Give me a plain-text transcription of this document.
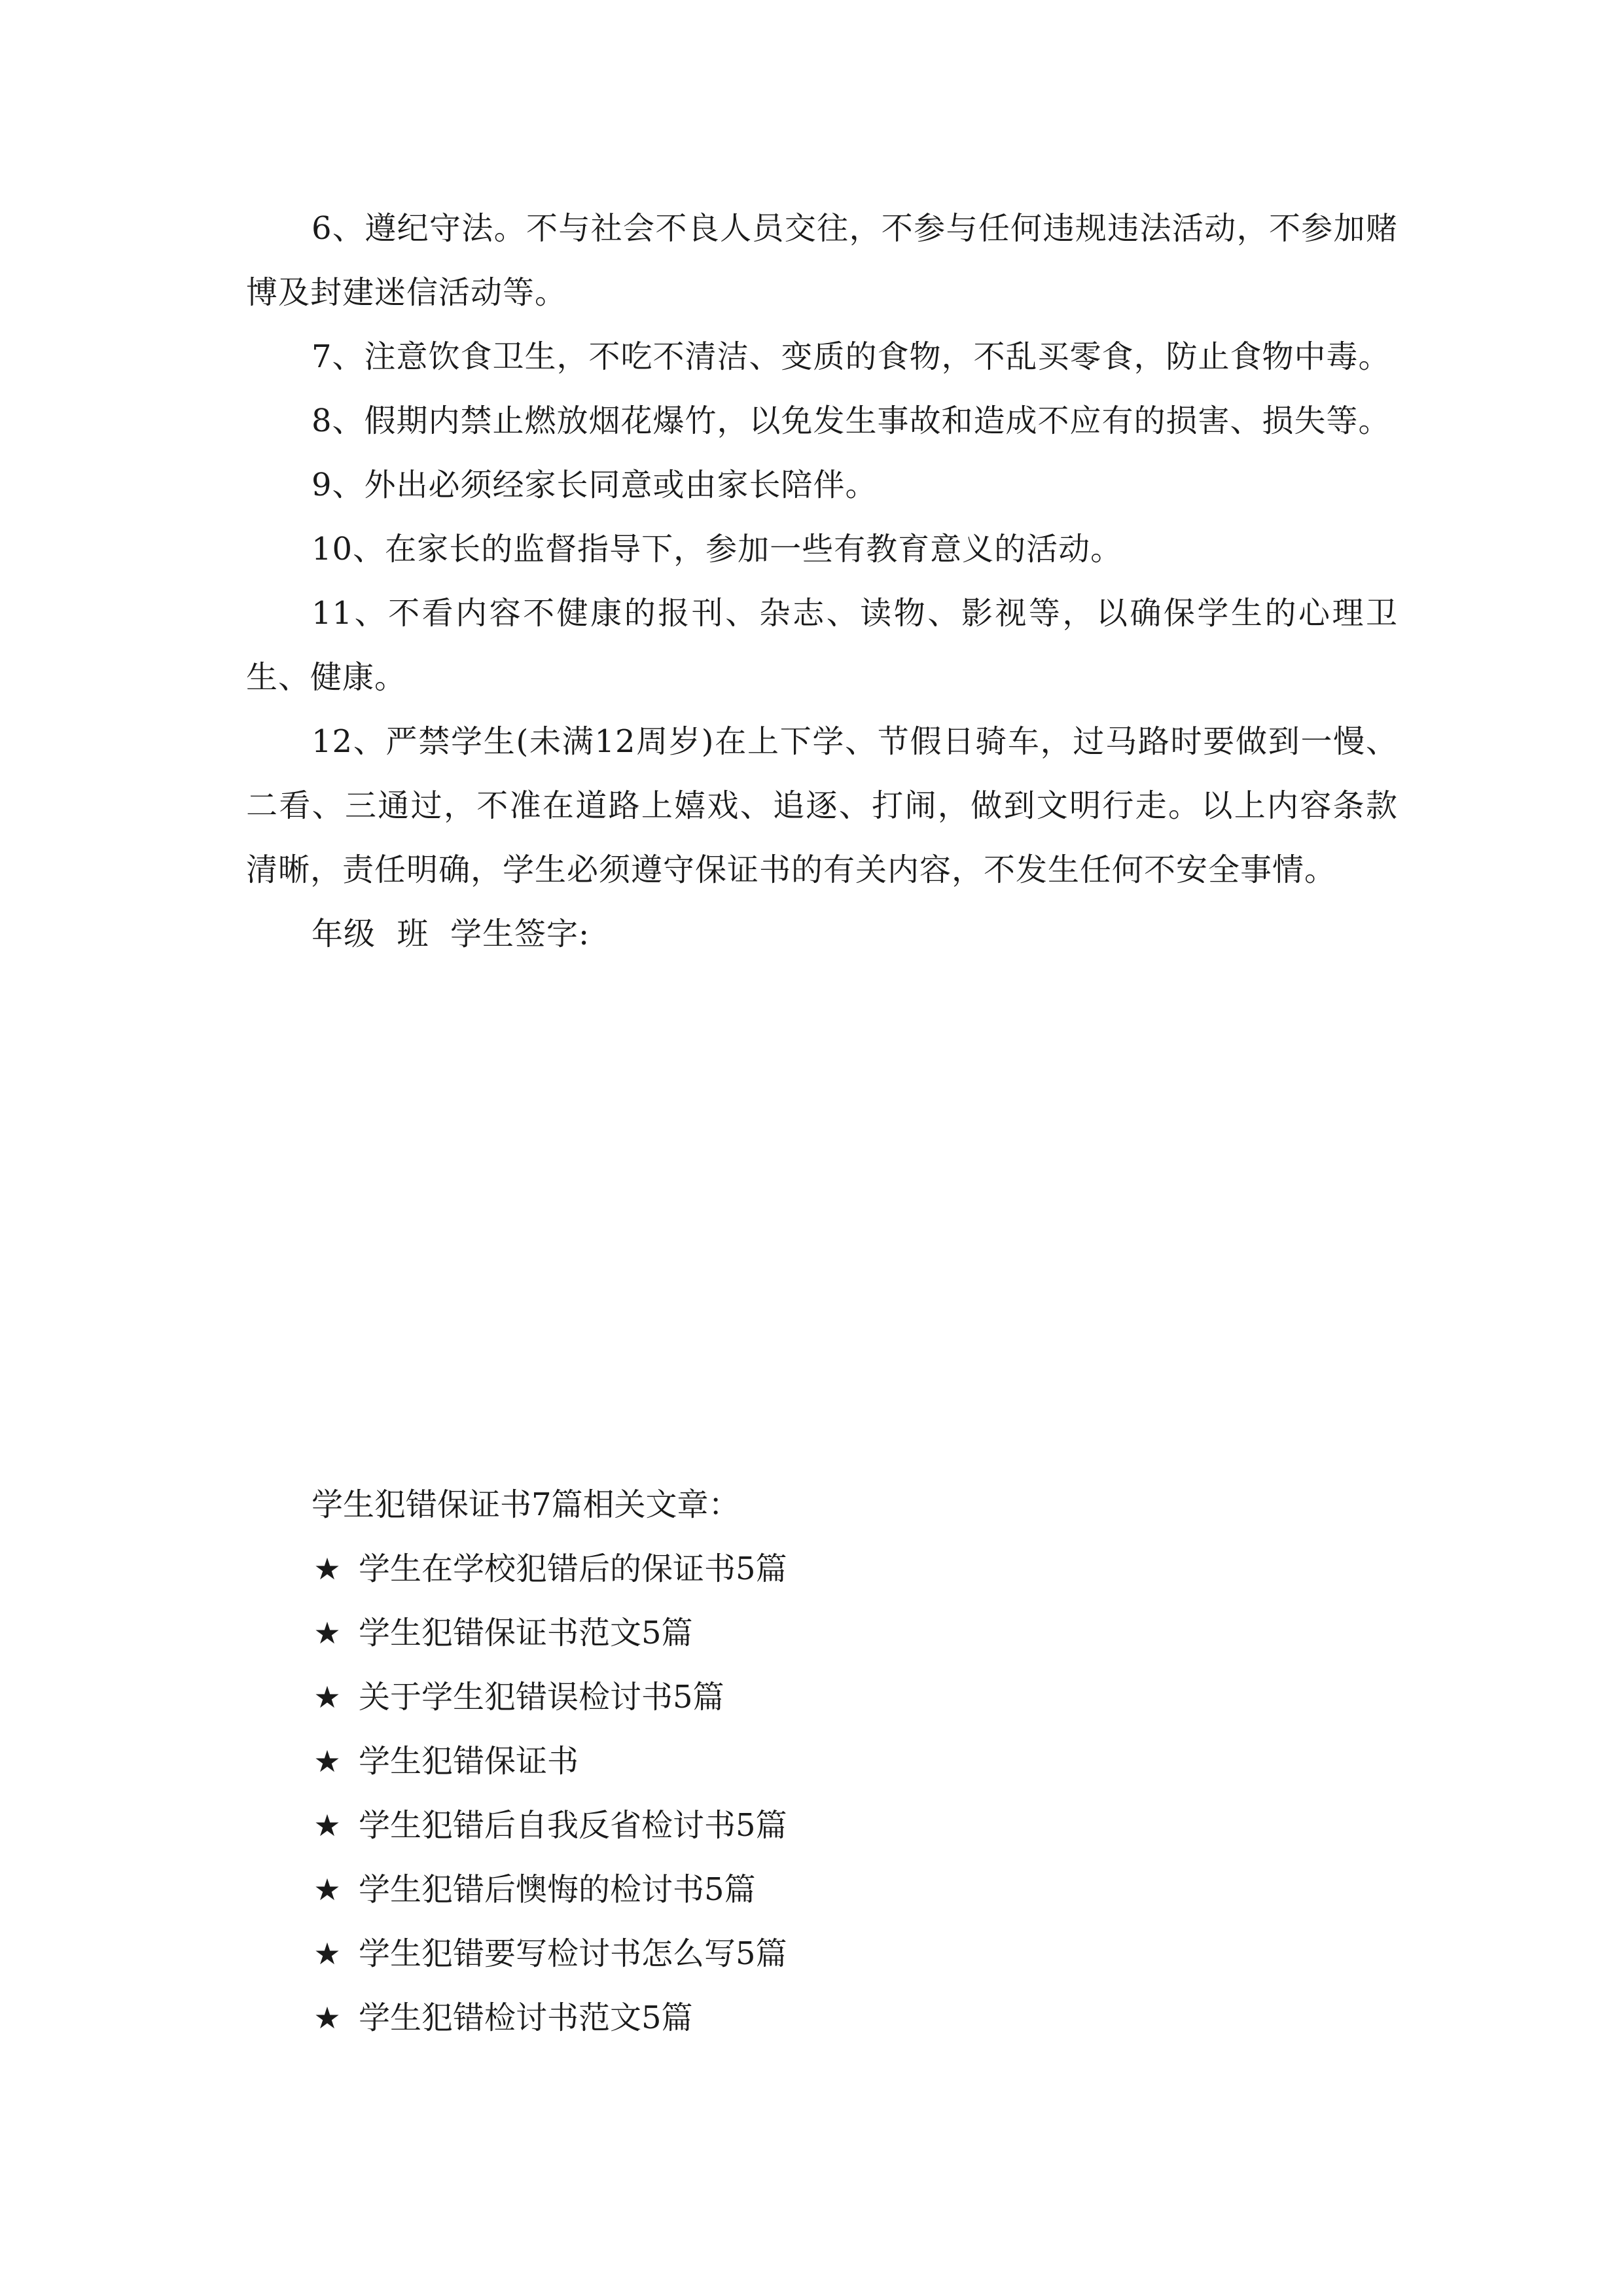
6、遵纪守法。不与社会不良人员交往，不参与任何违规违法活动，不参加赌博及封建迷信活动等。

7、注意饮食卫生，不吃不清洁、变质的食物，不乱买零食，防止食物中毒。

8、假期内禁止燃放烟花爆竹，以免发生事故和造成不应有的损害、损失等。

9、外出必须经家长同意或由家长陪伴。

10、在家长的监督指导下，参加一些有教育意义的活动。

11、不看内容不健康的报刊、杂志、读物、影视等，以确保学生的心理卫生、健康。

12、严禁学生(未满12周岁)在上下学、节假日骑车，过马路时要做到一慢、二看、三通过，不准在道路上嬉戏、追逐、打闹，做到文明行走。以上内容条款清晰，责任明确，学生必须遵守保证书的有关内容，不发生任何不安全事情。

年级  班  学生签字:

学生犯错保证书7篇相关文章：

★ 学生在学校犯错后的保证书5篇
★ 学生犯错保证书范文5篇
★ 关于学生犯错误检讨书5篇
★ 学生犯错保证书
★ 学生犯错后自我反省检讨书5篇
★ 学生犯错后懊悔的检讨书5篇
★ 学生犯错要写检讨书怎么写5篇
★ 学生犯错检讨书范文5篇
